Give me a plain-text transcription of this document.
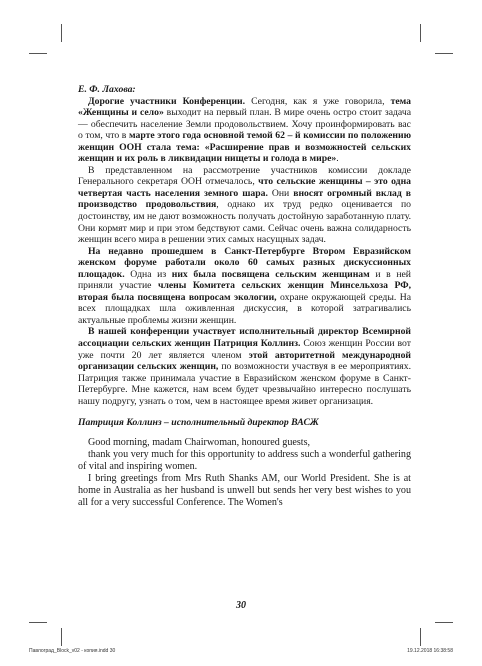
Е. Ф. Лахова:

Дорогие участники Конференции. Сегодня, как я уже говорила, тема «Женщины и село» выходит на первый план. В мире очень остро стоит задача — обеспечить население Земли продовольствием. Хочу проинформировать вас о том, что в марте этого года основной темой 62 – й комиссии по положению женщин ООН стала тема: «Расширение прав и возможностей сельских женщин и их роль в ликвидации нищеты и голода в мире».

В представленном на рассмотрение участников комиссии докладе Генерального секретаря ООН отмечалось, что сельские женщины – это одна четвертая часть населения земного шара. Они вносят огромный вклад в производство продовольствия, однако их труд редко оценивается по достоинству, им не дают возможность получать достойную заработанную плату. Они кормят мир и при этом бедствуют сами. Сейчас очень важна солидарность женщин всего мира в решении этих самых насущных задач.

На недавно прошедшем в Санкт-Петербурге Втором Евразийском женском форуме работали около 60 самых разных дискуссионных площадок. Одна из них была посвящена сельским женщинам и в ней приняли участие члены Комитета сельских женщин Минсельхоза РФ, вторая была посвящена вопросам экологии, охране окружающей среды. На всех площадках шла оживленная дискуссия, в которой затрагивались актуальные проблемы жизни женщин.

В нашей конференции участвует исполнительный директор Всемирной ассоциации сельских женщин Патриция Коллинз. Союз женщин России вот уже почти 20 лет является членом этой авторитетной международной организации сельских женщин, по возможности участвуя в ее мероприятиях. Патриция также принимала участие в Евразийском женском форуме в Санкт-Петербурге. Мне кажется, нам всем будет чрезвычайно интересно послушать нашу подругу, узнать о том, чем в настоящее время живет организация.

Патриция Коллинз – исполнительный директор ВАСЖ

Good morning, madam Chairwoman, honoured guests,

thank you very much for this opportunity to address such a wonderful gathering of vital and inspiring women.

I bring greetings from Mrs Ruth Shanks AM, our World President. She is at home in Australia as her husband is unwell but sends her very best wishes to you all for a very successful Conference. The Women's

30
Павлоград_Block_v02 - копия.indd 30	19.12.2018 16:38:58
